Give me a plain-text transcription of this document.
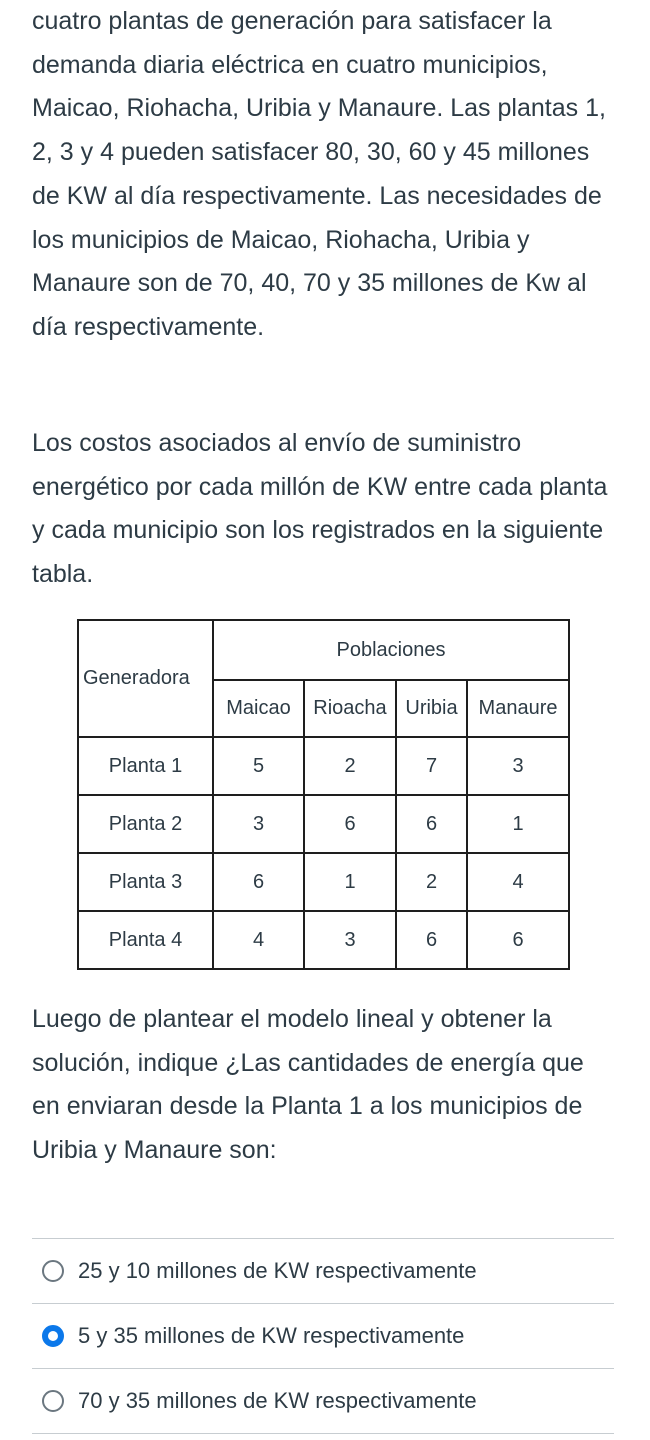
cuatro plantas de generación para satisfacer la demanda diaria eléctrica en cuatro municipios, Maicao, Riohacha, Uribia y Manaure. Las plantas 1, 2, 3 y 4 pueden satisfacer 80, 30, 60 y 45 millones de KW al día respectivamente. Las necesidades de los municipios de Maicao, Riohacha, Uribia y Manaure son de 70, 40, 70 y 35 millones de Kw al día respectivamente.

Los costos asociados al envío de suministro energético por cada millón de KW entre cada planta y cada municipio son los registrados en la siguiente tabla.

Generadora	Poblaciones			
	Maicao	Rioacha	Uribia	Manaure
Planta 1	5	2	7	3
Planta 2	3	6	6	1
Planta 3	6	1	2	4
Planta 4	4	3	6	6

Luego de plantear el modelo lineal y obtener la solución, indique ¿Las cantidades de energía que en enviaran desde la Planta 1 a los municipios de Uribia y Manaure son:

25 y 10 millones de KW respectivamente
5 y 35 millones de KW respectivamente
70 y 35 millones de KW respectivamente
